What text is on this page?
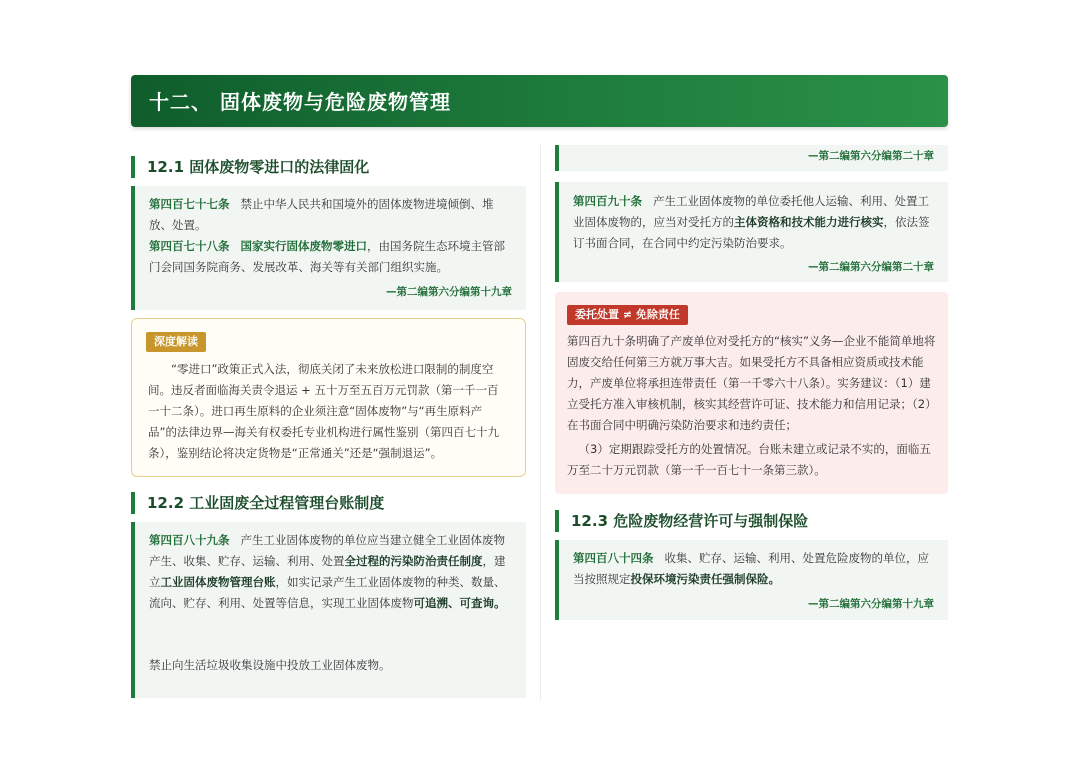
十二、 固体废物与危险废物管理
12.1 固体废物零进口的法律固化
第四百七十七条 禁止中华人民共和国境外的固体废物进境倾倒、堆放、处置。
第四百七十八条 国家实行固体废物零进口，由国务院生态环境主管部门会同国务院商务、发展改革、海关等有关部门组织实施。
—第二编第六分编第十九章
深度解读
“零进口”政策正式入法，彻底关闭了未来放松进口限制的制度空间。违反者面临海关责令退运 + 五十万至五百万元罚款（第一千一百一十二条）。进口再生原料的企业须注意“固体废物”与“再生原料产品”的法律边界—海关有权委托专业机构进行属性鉴别（第四百七十九条），鉴别结论将决定货物是“正常通关”还是“强制退运”。
12.2 工业固废全过程管理台账制度
第四百八十九条 产生工业固体废物的单位应当建立健全工业固体废物产生、收集、贮存、运输、利用、处置全过程的污染防治责任制度，建立工业固体废物管理台账，如实记录产生工业固体废物的种类、数量、流向、贮存、利用、处置等信息，实现工业固体废物可追溯、可查询。
禁止向生活垃圾收集设施中投放工业固体废物。
—第二编第六分编第二十章
第四百九十条 产生工业固体废物的单位委托他人运输、利用、处置工业固体废物的，应当对受托方的主体资格和技术能力进行核实，依法签订书面合同，在合同中约定污染防治要求。
—第二编第六分编第二十章
委托处置 ≠ 免除责任
第四百九十条明确了产废单位对受托方的“核实”义务—企业不能简单地将固废交给任何第三方就万事大吉。如果受托方不具备相应资质或技术能力，产废单位将承担连带责任（第一千零六十八条）。实务建议：（1）建立受托方准入审核机制，核实其经营许可证、技术能力和信用记录；（2）在书面合同中明确污染防治要求和违约责任；
（3）定期跟踪受托方的处置情况。台账未建立或记录不实的，面临五万至二十万元罚款（第一千一百七十一条第三款）。
12.3 危险废物经营许可与强制保险
第四百八十四条 收集、贮存、运输、利用、处置危险废物的单位，应当按照规定投保环境污染责任强制保险。
—第二编第六分编第十九章
